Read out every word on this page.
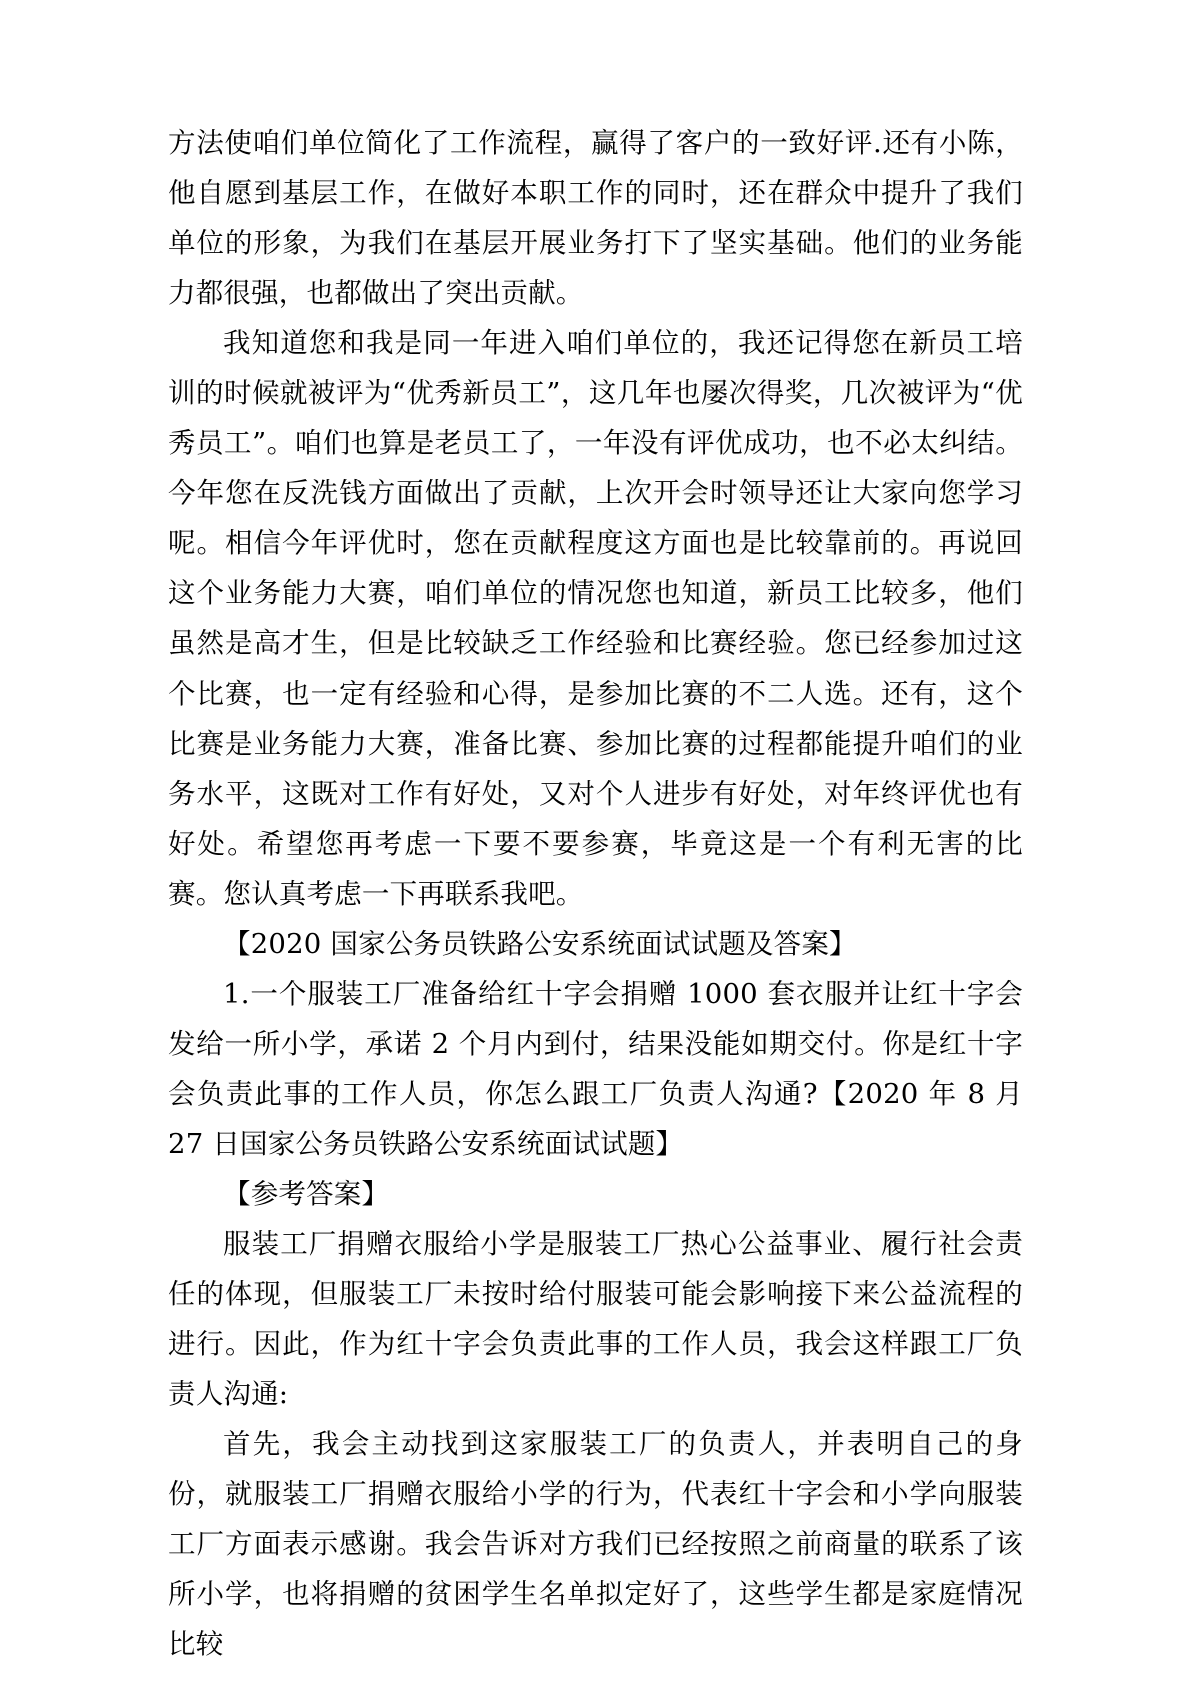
方法使咱们单位简化了工作流程，赢得了客户的一致好评.还有小陈，他自愿到基层工作，在做好本职工作的同时，还在群众中提升了我们单位的形象，为我们在基层开展业务打下了坚实基础。他们的业务能力都很强，也都做出了突出贡献。

我知道您和我是同一年进入咱们单位的，我还记得您在新员工培训的时候就被评为“优秀新员工”，这几年也屡次得奖，几次被评为“优秀员工”。咱们也算是老员工了，一年没有评优成功，也不必太纠结。今年您在反洗钱方面做出了贡献，上次开会时领导还让大家向您学习呢。相信今年评优时，您在贡献程度这方面也是比较靠前的。再说回这个业务能力大赛，咱们单位的情况您也知道，新员工比较多，他们虽然是高才生，但是比较缺乏工作经验和比赛经验。您已经参加过这个比赛，也一定有经验和心得，是参加比赛的不二人选。还有，这个比赛是业务能力大赛，准备比赛、参加比赛的过程都能提升咱们的业务水平，这既对工作有好处，又对个人进步有好处，对年终评优也有好处。希望您再考虑一下要不要参赛，毕竟这是一个有利无害的比赛。您认真考虑一下再联系我吧。

【2020 国家公务员铁路公安系统面试试题及答案】

1.一个服装工厂准备给红十字会捐赠 1000 套衣服并让红十字会发给一所小学，承诺 2 个月内到付，结果没能如期交付。你是红十字会负责此事的工作人员，你怎么跟工厂负责人沟通?【2020 年 8 月 27 日国家公务员铁路公安系统面试试题】

【参考答案】

服装工厂捐赠衣服给小学是服装工厂热心公益事业、履行社会责任的体现，但服装工厂未按时给付服装可能会影响接下来公益流程的进行。因此，作为红十字会负责此事的工作人员，我会这样跟工厂负责人沟通:

首先，我会主动找到这家服装工厂的负责人，并表明自己的身份，就服装工厂捐赠衣服给小学的行为，代表红十字会和小学向服装工厂方面表示感谢。我会告诉对方我们已经按照之前商量的联系了该所小学，也将捐赠的贫困学生名单拟定好了，这些学生都是家庭情况比较
